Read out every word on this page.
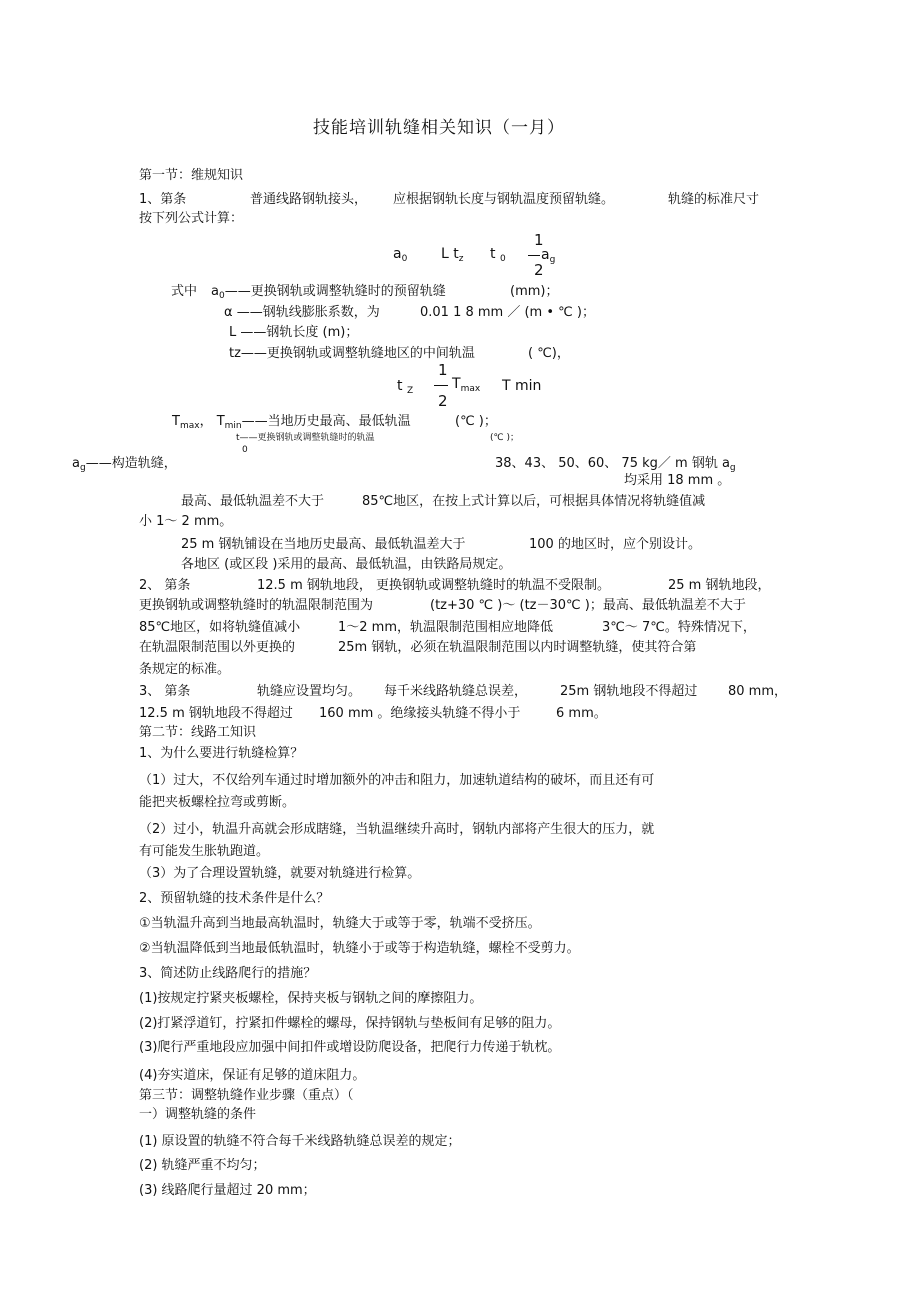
技能培训轨缝相关知识（一月）
第一节：维规知识
1、第条	普通线路钢轨接头， 应根据钢轨长度与钢轨温度预留轨缝。	轨缝的标准尺寸
按下列公式计算：
$a_0$ L $t_z$ t $_0$
1
2
$a_g$
式中 $a_0——$更换钢轨或调整轨缝时的预留轨缝	(mm)；
α ——钢轨线膨胀系数，为	0.01 1 8 mm ／ (m • ℃ )；
L ——钢轨长度 (m)；
tz——更换钢轨或调整轨缝地区的中间轨温	( ℃)，
t $_Z$
1
2
$T_{max}$ T min
$T_{max}$， $T_{min}——$当地历史最高、最低轨温	(℃ )；
t——更换钢轨或调整轨缝时的轨温	(℃ )；
0
$a_g——$构造轨缝，	38、43、 50、60、 75 kg／ m 钢轨 $a_g$
均采用 18 mm 。
最高、最低轨温差不大于	85℃地区，在按上式计算以后，可根据具体情况将轨缝值减
小 1～ 2 mm。
25 m 钢轨铺设在当地历史最高、最低轨温差大于	100 的地区时，应个别设计。
各地区 (或区段 )采用的最高、最低轨温，由铁路局规定。
2、 第条	12.5 m 钢轨地段， 更换钢轨或调整轨缝时的轨温不受限制。	25 m 钢轨地段，
更换钢轨或调整轨缝时的轨温限制范围为	(tz+30 ℃ )～ (tz－30℃ )；最高、最低轨温差不大于
85℃地区，如将轨缝值减小	1～2 mm，轨温限制范围相应地降低	3℃～ 7℃。特殊情况下，
在轨温限制范围以外更换的	25m 钢轨，必须在轨温限制范围以内时调整轨缝，使其符合第
条规定的标准。
3、 第条	轨缝应设置均匀。 每千米线路轨缝总误差，	25m 钢轨地段不得超过 80 mm，
12.5 m 钢轨地段不得超过 160 mm 。绝缘接头轨缝不得小于	6 mm。
第二节：线路工知识
1、为什么要进行轨缝检算？
（1）过大，不仅给列车通过时增加额外的冲击和阻力，加速轨道结构的破坏，而且还有可
能把夹板螺栓拉弯或剪断。
（2）过小，轨温升高就会形成瞎缝，当轨温继续升高时，钢轨内部将产生很大的压力，就
有可能发生胀轨跑道。
（3）为了合理设置轨缝，就要对轨缝进行检算。
2、预留轨缝的技术条件是什么？
①当轨温升高到当地最高轨温时，轨缝大于或等于零，轨端不受挤压。
②当轨温降低到当地最低轨温时，轨缝小于或等于构造轨缝，螺栓不受剪力。
3、简述防止线路爬行的措施？
(1)按规定拧紧夹板螺栓，保持夹板与钢轨之间的摩擦阻力。
(2)打紧浮道钉，拧紧扣件螺栓的螺母，保持钢轨与垫板间有足够的阻力。
(3)爬行严重地段应加强中间扣件或增设防爬设备，把爬行力传递于轨枕。
(4)夯实道床，保证有足够的道床阻力。
第三节：调整轨缝作业步骤（重点）（
一）调整轨缝的条件
(1) 原设置的轨缝不符合每千米线路轨缝总误差的规定；
(2) 轨缝严重不均匀；
(3) 线路爬行量超过 20 mm；
